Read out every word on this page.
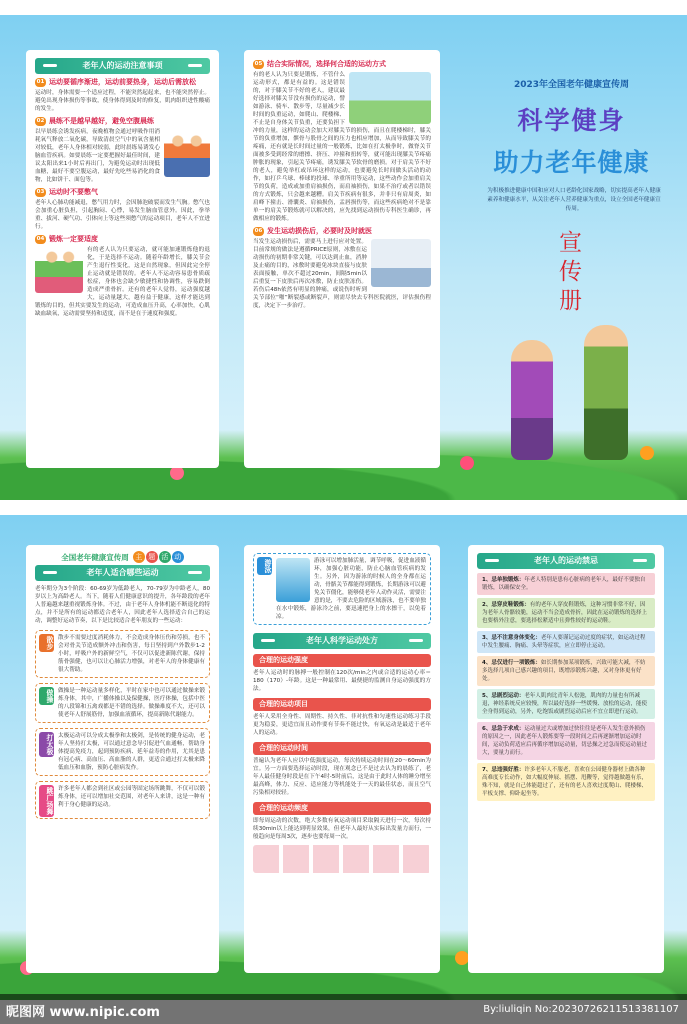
老年人的运动注意事项
01 运动要循序渐进，运动前要热身，运动后需放松

运动时，身体需要一个适应过程，不能突然起起来，也不能突然停止。避免出现身体损伤等事故，使身体得到及时的修复，肌肉组织进性酸痛的发生。

02 晨练不是越早越好，避免空腹晨练

以早晨练会诱发疾病，夜晚植物会通过呼吸作用消耗氧气释放二氧化碳，导致清晨空气中的氧含量相对较低，老年人身体相对较弱，此时晨练易诱发心脑血管疾病。如要晨练一定要把握好最佳时间，建议太阳出来1小时后再出门，为避免运动时出现低血糖，最好不要空腹运动，最好先吃些易消化的食物，比如饼干、面包等。

03 运动时不要憋气

老年人心肺功能减退，憋气用力时，会因肺泡破裂而发生气胸。憋气也会加重心脏负担，引起胸闷、心悸，易发生脑血管意外。因此，拳举重、拔河、硬气功、引体向上等这些须憋气的运动项目，老年人不宜进行。

04 锻炼一定要适度

有的老人认为只要运动，就可能加速锻炼他的退化，于是选择不运动。随着年龄增长，膝关节会产生退行性变化，这是自然现象，但因此完全停止运动就是错误的。老年人不运动容易患骨质疏松症，身体也会缺少敏捷性和协调性，容易跌倒造成严重骨折。还有的老年人觉得，运动强度越大，运动量越大，越有益于健康，这样才能达到锻炼的目的，但其实要发生的运动，可造成血压升高，心率加快，心肌缺血缺氧，运动需要坚持和适度，而不是在于速度和强度。

05 结合实际情况，选择何合适的运动方式

有的老人认为只要是锻炼，不管什么运动形式，都是有益的。这是错误的，对于膝关节不好的老人，建议最好选择对膝关节没有损伤的运动，譬如游泳、骑车、散步等，尽量减少长时间的负重运动，如爬山、爬楼梯、不止是自身体关节负重，还要负担下冲的力量，这样的运动会加大对膝关节的损伤，而且在爬楼梯时，膝关节的负重增加，髌骨与股骨之间的压力也相应增加，从而导致膝关节的疼痛，还有就是长时间过量的一般锻炼，比如在打太极拳时，做脊关节面被多受到经常的磨擦、挤压、冲撞和扭转等，就可能出现膝关节疼痛肿胀的现象，引起关节疼痛，诱发膝关节软骨的磨损。对于肩关节不好的老人，避免举杠或吊环这样的运动，也要避免长时间做头活动的动作，如打乒乓球、棒球的投球、举重所用等运动，这些动作会加重肩关节的负荷，造成或加重肩袖损伤，而肩袖损伤，如果不治疗或者以错误的方式锻炼，只会越来越糟。肩关节疾病有很多，并非只有肩周炎，如肩峰下撞击、滑囊炎、肩袖损伤，盂唇损伤等，而这些疾病绝对不是靠单一的肩关节锻炼就可以解决的，应先找到运动损伤专科医生确诊，再做相应的锻炼。

06 发生运动损伤后，必要时及时就医

当发生运动损伤后，需要马上进行应对处置。目前常规的做法是遵循PRICE原则，冰敷在运动损伤的初期非常关键，可以达到止血，消肿及止痛的目的，冰敷时要避免冰块直接与皮肤表面接触，单次不超过20min，间隔5min以后重复一下皮肤后再次冰敷，防止皮肤冻伤。若伤后48h依然有明显的肿痛，或说伤时听到关节部位“啪”断裂感或断裂声，则需尽快去专科医院就医，评估损伤程度，决定下一步治疗。

2023年全国老年健康宣传周
科学健身
助力老年健康
为积极推进健康中国和应对人口老龄化国家战略，切实提高老年人健康素养和健康水平，从关注老年人营养健康为重点，设立全国老年健康宣传周。
宣传册
全国老年健康宣传周 主 题 活 动
老年人适合哪些运动

老年期分为3个阶段：60-69岁为低龄老人，70-79岁为中龄老人，80岁以上为高龄老人。当下，随着人们健康意识的提升，各年龄段的老年人普遍越来越重视锻炼身体。不过，由于老年人身体机能不断退化的特点，并不是所有的运动都适合老年人，因此老年人选择适合自己的运动，调整好运动节奏，以下是比较适合老年朋友的一些运动：

散步 散步不需要过度消耗体力，不会造成身体压伤和劳损，也不会对骨关节造成额外冲击和伤害，每日坚持到户外散步1-2小时，呼吸户外的新鲜空气，不仅可以促进新陈代谢，保持筋骨强健，也可以让心肺活力增强，对老年人的身体健康有很大帮助。

做操 做操是一种运动量多样化，平时在家中也可以通过做操来锻炼身体，其中，广播体操以及保健操，医疗体操，包括中医的八段锦和五禽戏都是不错的选择。做操难度不大，还可以使老年人舒展筋骨，加强血液循环，提高新陈代谢能力。

打太极 太极运动可以分成太极拳和太极剑，是传统的健身运动，老年人坚持打太极，可以通过意念导引促进气血通畅，帮助身体提高免疫力，起到预防疾病、延年益寿的作用，尤其是患有冠心病、高血压、高血脂的人群，更适合通过打太极来降低血压和血脂，预防心脏病发作。

跳广场舞 许多老年人都会到社区或公园等固定场所跳舞，不仅可以锻炼身体，还可以增加社交范围，对老年人来讲，这是一种有利于身心健康的运动。

游泳	游泳可以增加肺活量，调节呼吸，促进血液循环，加强心脏功能，防止心脑血管疾病的发生。另外，因为游泳的时候人的全身都在运动，骨骼关节都能得到锻炼，长期游泳可以避免关节僵化，能够使老年人动作灵活，需要注意的是，不要去危险的区域游泳，也不要单独在水中锻炼，游泳冷之前，要迅速把身上的水擦干，以免着凉。

老年人科学运动处方
合理的运动强度

老年人运动时的脉搏一般控制在120次/min之内或合适的运动心率＝180（170）-年龄。这是一种最常用、最便捷的监测自身运动强度的方法。

合理的运动项目

老年人采用全身性、周期性、持久性、非对抗性和匀速性运动练习手段更为稳妥，更适宜而且动作要有节奏不能过快，有氧运动是最适于老年人的运动。

合理的运动时间

普遍认为老年人应以中低强度运动，每次持续运动时间在20～60min为宜。另一方面要选择运动时段，现在观念已不是过去认为的晨练了，老年人最佳健身时段是在下午4时-5时前后，这是由于此时人体的睡分增至最高峰，体力、反应、适应能力等机能处于一天的最佳状态，而且空气污染相对较轻。

合理的运动频度

即每周运动的次数，绝大多数有氧运动项目采取隔天进行一次，每次持续30min以上能达到明显效果，但老年人最好从实际出发量力而行，一般趋向是每周3次，逐步也要每周一次。

老年人的运动禁忌
1、忌单独锻炼：年老人特别是患有心脏病的老年人，最好不要独自锻炼，以确保安全。
2、忌穿皮鞋锻炼：有的老年人穿皮鞋锻炼，这种习惯非常不好，因为老年人骨骼较脆，运动不当会造成骨折，因此在运动锻炼的选择上也要格外注意，要选择松紧适中且弹性较好的运动鞋。
3、忌不注意身体变化：老年人要谨记运动过度的症状，如运动过程中发生腰痛、胸痛、头晕等症状，应立即停止运动。
4、忌仅进行一项锻炼：如长期参加某项锻炼，兴致可能大减，不妨多选择几项自己感兴趣的项目，既增添锻炼兴趣，又对身体更有好处。
5、忌剧烈运动：老年人肌肉比青年人松弛，肌肉的力量也有所减退，神经系统反应较慢，所以最好选择一些缓慢、放松的运动，能使全身得到运动，另外，吃饱饭或剧烈运动后应不宜立即进行运动。
6、忌急于求成：运动量过大或增加过快往往是老年人发生意外损伤的原因之一，因此老年人锻炼要等一段时间之后再逐渐增加运动时间，运动负荷适应后再循序增加运动量，切忌操之过急而使运动量过大，要量力而行。
7、忌违强好胜：许多老年人不服老，喜欢在公园健身器材上做各种高难度专长动作，如大幅度伸展、摇摆、甩鞭等，觉得越做越有乐，殊不知，就是自己体能超过了，还有的老人喜欢过度爬山、爬楼梯、平板支撑、仰卧起坐等。
昵图网 www.nipic.com	By:liuliqin No:20230726211513381107
